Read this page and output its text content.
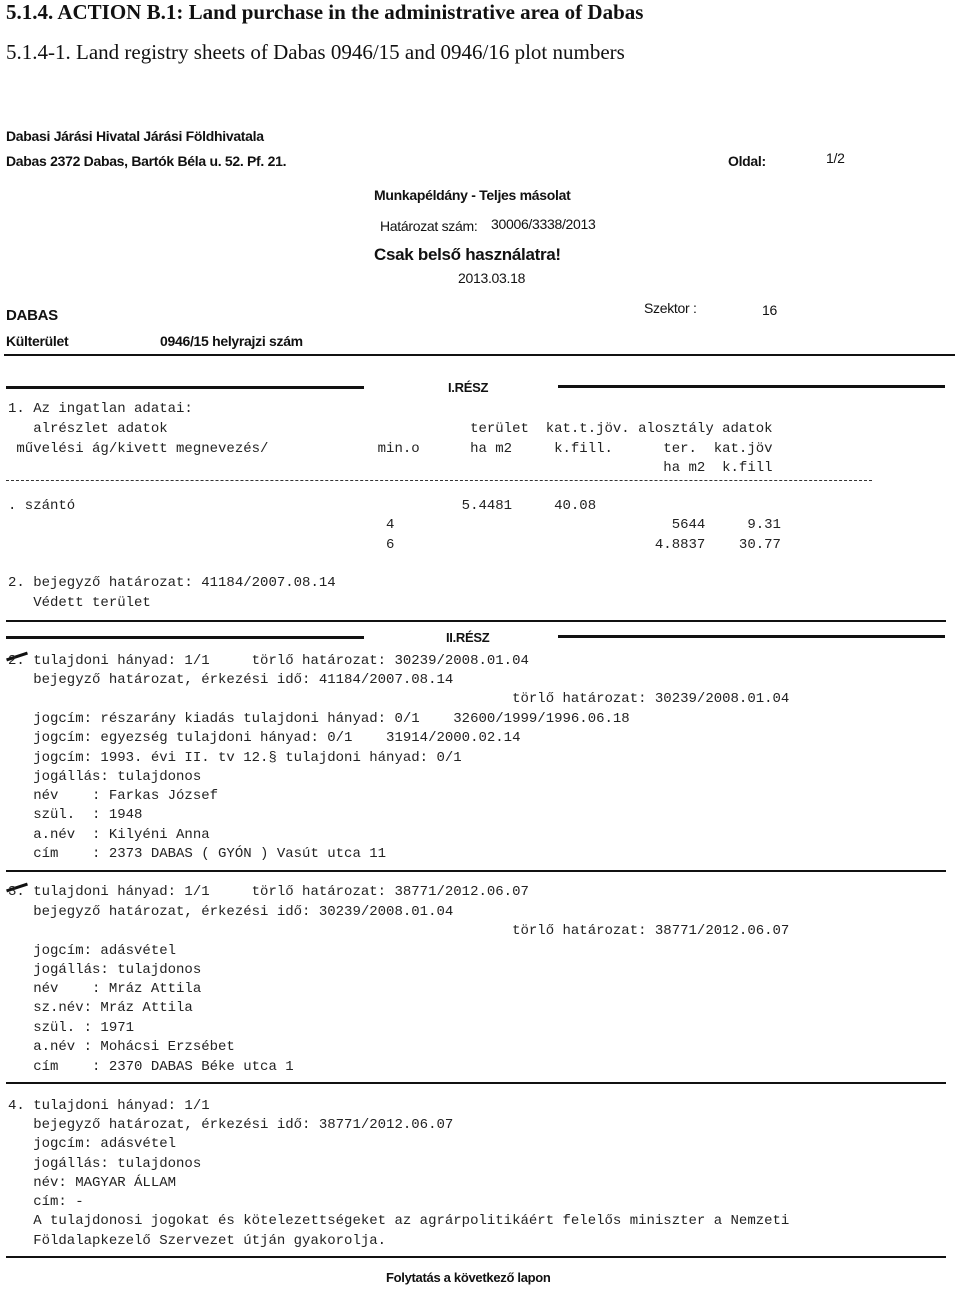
5.1.4. ACTION B.1: Land purchase in the administrative area of Dabas
5.1.4-1. Land registry sheets of Dabas 0946/15 and 0946/16 plot numbers
Dabasi Járási Hivatal Járási Földhivatala
Dabas 2372 Dabas, Bartók Béla u. 52. Pf. 21.	Oldal:	1/2
Munkapéldány - Teljes másolat
Határozat szám: 30006/3338/2013
Csak belső használatra!
2013.03.18
DABAS
Külterület	0946/15 helyrajzi szám
Szektor :	16
I.RÉSZ
1. Az ingatlan adatai:
alrészlet adatok                                    terület  kat.t.jöv. alosztály adatok
művelési ág/kivett megnevezés/             min.o      ha m2     k.fill.      ter.  kat.jöv
ha m2  k.fill
. szántó                                              5.4481     40.08
4                                 5644     9.31
6                               4.8837    30.77
2. bejegyző határozat: 41184/2007.08.14
Védett terület
II.RÉSZ
2. tulajdoni hányad: 1/1     törlő határozat: 30239/2008.01.04
bejegyző határozat, érkezési idő: 41184/2007.08.14
törlő határozat: 30239/2008.01.04
jogcím: részarány kiadás tulajdoni hányad: 0/1    32600/1999/1996.06.18
jogcím: egyezség tulajdoni hányad: 0/1    31914/2000.02.14
jogcím: 1993. évi II. tv 12.§ tulajdoni hányad: 0/1
jogállás: tulajdonos
név    : Farkas József
szül.  : 1948
a.név  : Kilyéni Anna
cím    : 2373 DABAS ( GYÓN ) Vasút utca 11
3. tulajdoni hányad: 1/1     törlő határozat: 38771/2012.06.07
bejegyző határozat, érkezési idő: 30239/2008.01.04
törlő határozat: 38771/2012.06.07
jogcím: adásvétel
jogállás: tulajdonos
név    : Mráz Attila
sz.név: Mráz Attila
szül. : 1971
a.név : Mohácsi Erzsébet
cím    : 2370 DABAS Béke utca 1
4. tulajdoni hányad: 1/1
bejegyző határozat, érkezési idő: 38771/2012.06.07
jogcím: adásvétel
jogállás: tulajdonos
név: MAGYAR ÁLLAM
cím: -
A tulajdonosi jogokat és kötelezettségeket az agrárpolitikáért felelős miniszter a Nemzeti
Földalapkezelő Szervezet útján gyakorolja.
Folytatás a következő lapon
